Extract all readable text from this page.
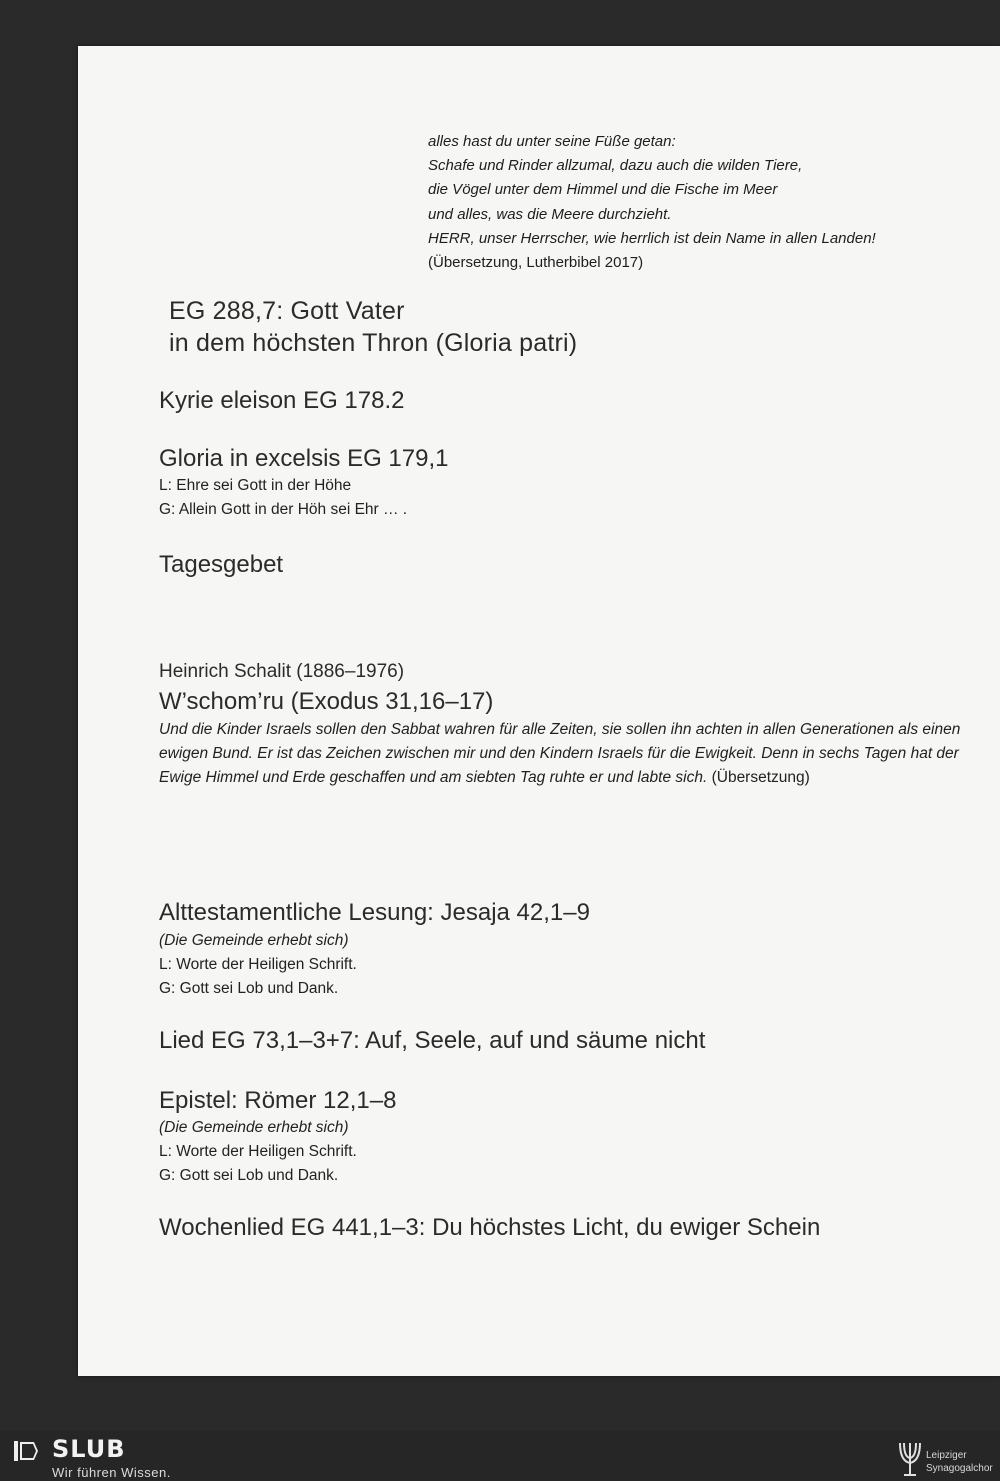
alles hast du unter seine Füße getan:
Schafe und Rinder allzumal, dazu auch die wilden Tiere,
die Vögel unter dem Himmel und die Fische im Meer
und alles, was die Meere durchzieht.
HERR, unser Herrscher, wie herrlich ist dein Name in allen Landen!
(Übersetzung, Lutherbibel 2017)
EG 288,7: Gott Vater
in dem höchsten Thron (Gloria patri)
Kyrie eleison EG 178.2
Gloria in excelsis EG 179,1
L: Ehre sei Gott in der Höhe
G: Allein Gott in der Höh sei Ehr … .
Tagesgebet
Heinrich Schalit (1886–1976)
W’schom’ru (Exodus 31,16–17)
Und die Kinder Israels sollen den Sabbat wahren für alle Zeiten, sie sollen ihn achten in allen Generationen als einen ewigen Bund. Er ist das Zeichen zwischen mir und den Kindern Israels für die Ewigkeit. Denn in sechs Tagen hat der Ewige Himmel und Erde geschaffen und am siebten Tag ruhte er und labte sich. (Übersetzung)
Alttestamentliche Lesung: Jesaja 42,1–9
(Die Gemeinde erhebt sich)
L: Worte der Heiligen Schrift.
G: Gott sei Lob und Dank.
Lied EG 73,1–3+7: Auf, Seele, auf und säume nicht
Epistel: Römer 12,1–8
(Die Gemeinde erhebt sich)
L: Worte der Heiligen Schrift.
G: Gott sei Lob und Dank.
Wochenlied EG 441,1–3: Du höchstes Licht, du ewiger Schein
SLUB
Wir führen Wissen.
Leipziger
Synagogalchor
